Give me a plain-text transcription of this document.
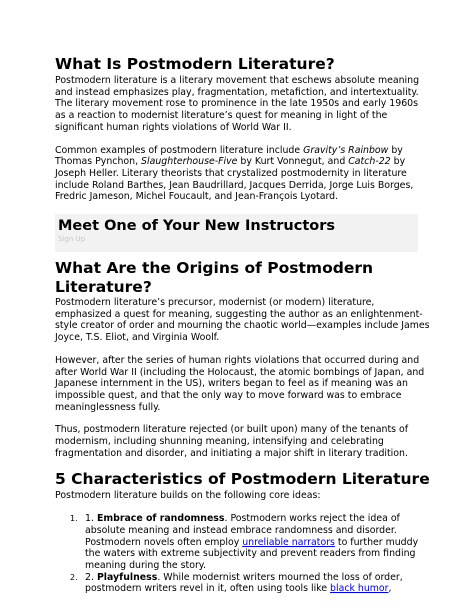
What Is Postmodern Literature?

Postmodern literature is a literary movement that eschews absolute meaning and instead emphasizes play, fragmentation, metafiction, and intertextuality. The literary movement rose to prominence in the late 1950s and early 1960s as a reaction to modernist literature’s quest for meaning in light of the significant human rights violations of World War II.

Common examples of postmodern literature include Gravity’s Rainbow by Thomas Pynchon, Slaughterhouse-Five by Kurt Vonnegut, and Catch-22 by Joseph Heller. Literary theorists that crystalized postmodernity in literature include Roland Barthes, Jean Baudrillard, Jacques Derrida, Jorge Luis Borges, Fredric Jameson, Michel Foucault, and Jean-François Lyotard.

Meet One of Your New Instructors
Sign Up
What Are the Origins of Postmodern Literature?

Postmodern literature’s precursor, modernist (or modern) literature, emphasized a quest for meaning, suggesting the author as an enlightenment-style creator of order and mourning the chaotic world—examples include James Joyce, T.S. Eliot, and Virginia Woolf.

However, after the series of human rights violations that occurred during and after World War II (including the Holocaust, the atomic bombings of Japan, and Japanese internment in the US), writers began to feel as if meaning was an impossible quest, and that the only way to move forward was to embrace meaninglessness fully.

Thus, postmodern literature rejected (or built upon) many of the tenants of modernism, including shunning meaning, intensifying and celebrating fragmentation and disorder, and initiating a major shift in literary tradition.

5 Characteristics of Postmodern Literature

Postmodern literature builds on the following core ideas:

1. 1. Embrace of randomness. Postmodern works reject the idea of absolute meaning and instead embrace randomness and disorder. Postmodern novels often employ unreliable narrators to further muddy the waters with extreme subjectivity and prevent readers from finding meaning during the story.
2. 2. Playfulness. While modernist writers mourned the loss of order, postmodern writers revel in it, often using tools like black humor,
